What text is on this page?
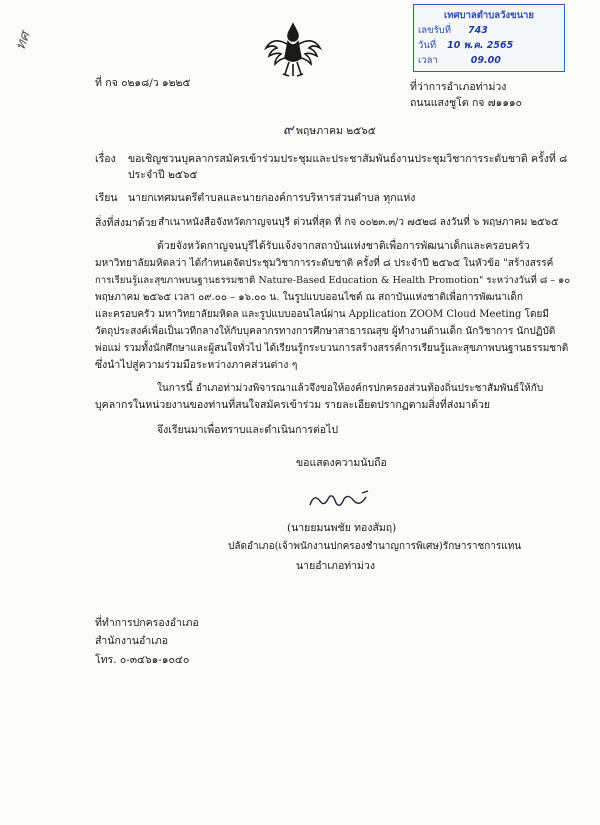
ทศ
เทศบาลตำบลวังขนาย
เลขรับที่ 743
วันที่ 10 พ.ค. 2565
เวลา	09.00
ที่ กจ ๐๒๑๘/ว ๑๒๒๕	ที่ว่าการอำเภอท่าม่วง
ถนนแสงชูโต กจ ๗๑๑๑๐
๙ พฤษภาคม ๒๕๖๕
เรื่อง ขอเชิญชวนบุคลากรสมัครเข้าร่วมประชุมและประชาสัมพันธ์งานประชุมวิชาการระดับชาติ ครั้งที่ ๘
ประจำปี ๒๕๖๕
เรียน นายกเทศมนตรีตำบลและนายกองค์การบริหารส่วนตำบล ทุกแห่ง
สิ่งที่ส่งมาด้วย สำเนาหนังสือจังหวัดกาญจนบุรี ด่วนที่สุด ที่ กจ ๐๐๒๓.๓/ว ๗๕๒๘ ลงวันที่ ๖ พฤษภาคม ๒๕๖๕
ด้วยจังหวัดกาญจนบุรีได้รับแจ้งจากสถาบันแห่งชาติเพื่อการพัฒนาเด็กและครอบครัว
มหาวิทยาลัยมหิดลว่า ได้กำหนดจัดประชุมวิชาการระดับชาติ ครั้งที่ ๘ ประจำปี ๒๕๖๕ ในหัวข้อ "สร้างสรรค์
การเรียนรู้และสุขภาพบนฐานธรรมชาติ Nature-Based Education & Health Promotion" ระหว่างวันที่ ๘ – ๑๐
พฤษภาคม ๒๕๖๕ เวลา ๐๙.๐๐ – ๑๖.๐๐ น. ในรูปแบบออนไซต์ ณ สถาบันแห่งชาติเพื่อการพัฒนาเด็ก
และครอบครัว มหาวิทยาลัยมหิดล และรูปแบบออนไลน์ผ่าน Application ZOOM Cloud Meeting โดยมี
วัตถุประสงค์เพื่อเป็นเวทีกลางให้กับบุคลากรทางการศึกษาสาธารณสุข ผู้ทำงานด้านเด็ก นักวิชาการ นักปฏิบัติ
พ่อแม่ รวมทั้งนักศึกษาและผู้สนใจทั่วไป ได้เรียนรู้กระบวนการสร้างสรรค์การเรียนรู้และสุขภาพบนฐานธรรมชาติ
ซึ่งนำไปสู่ความร่วมมือระหว่างภาคส่วนต่าง ๆ
ในการนี้ อำเภอท่าม่วงพิจารณาแล้วจึงขอให้องค์กรปกครองส่วนท้องถิ่นประชาสัมพันธ์ให้กับ
บุคลากรในหน่วยงานของท่านที่สนใจสมัครเข้าร่วม รายละเอียดปรากฏตามสิ่งที่ส่งมาด้วย
จึงเรียนมาเพื่อทราบและดำเนินการต่อไป
ขอแสดงความนับถือ
(นายยมนพชัย ทองสัมฤ)
ปลัดอำเภอ(เจ้าพนักงานปกครองชำนาญการพิเศษ)รักษาราชการแทน
นายอำเภอท่าม่วง
ที่ทำการปกครองอำเภอ
สำนักงานอำเภอ
โทร. ๐-๓๔๖๑-๑๐๔๐
